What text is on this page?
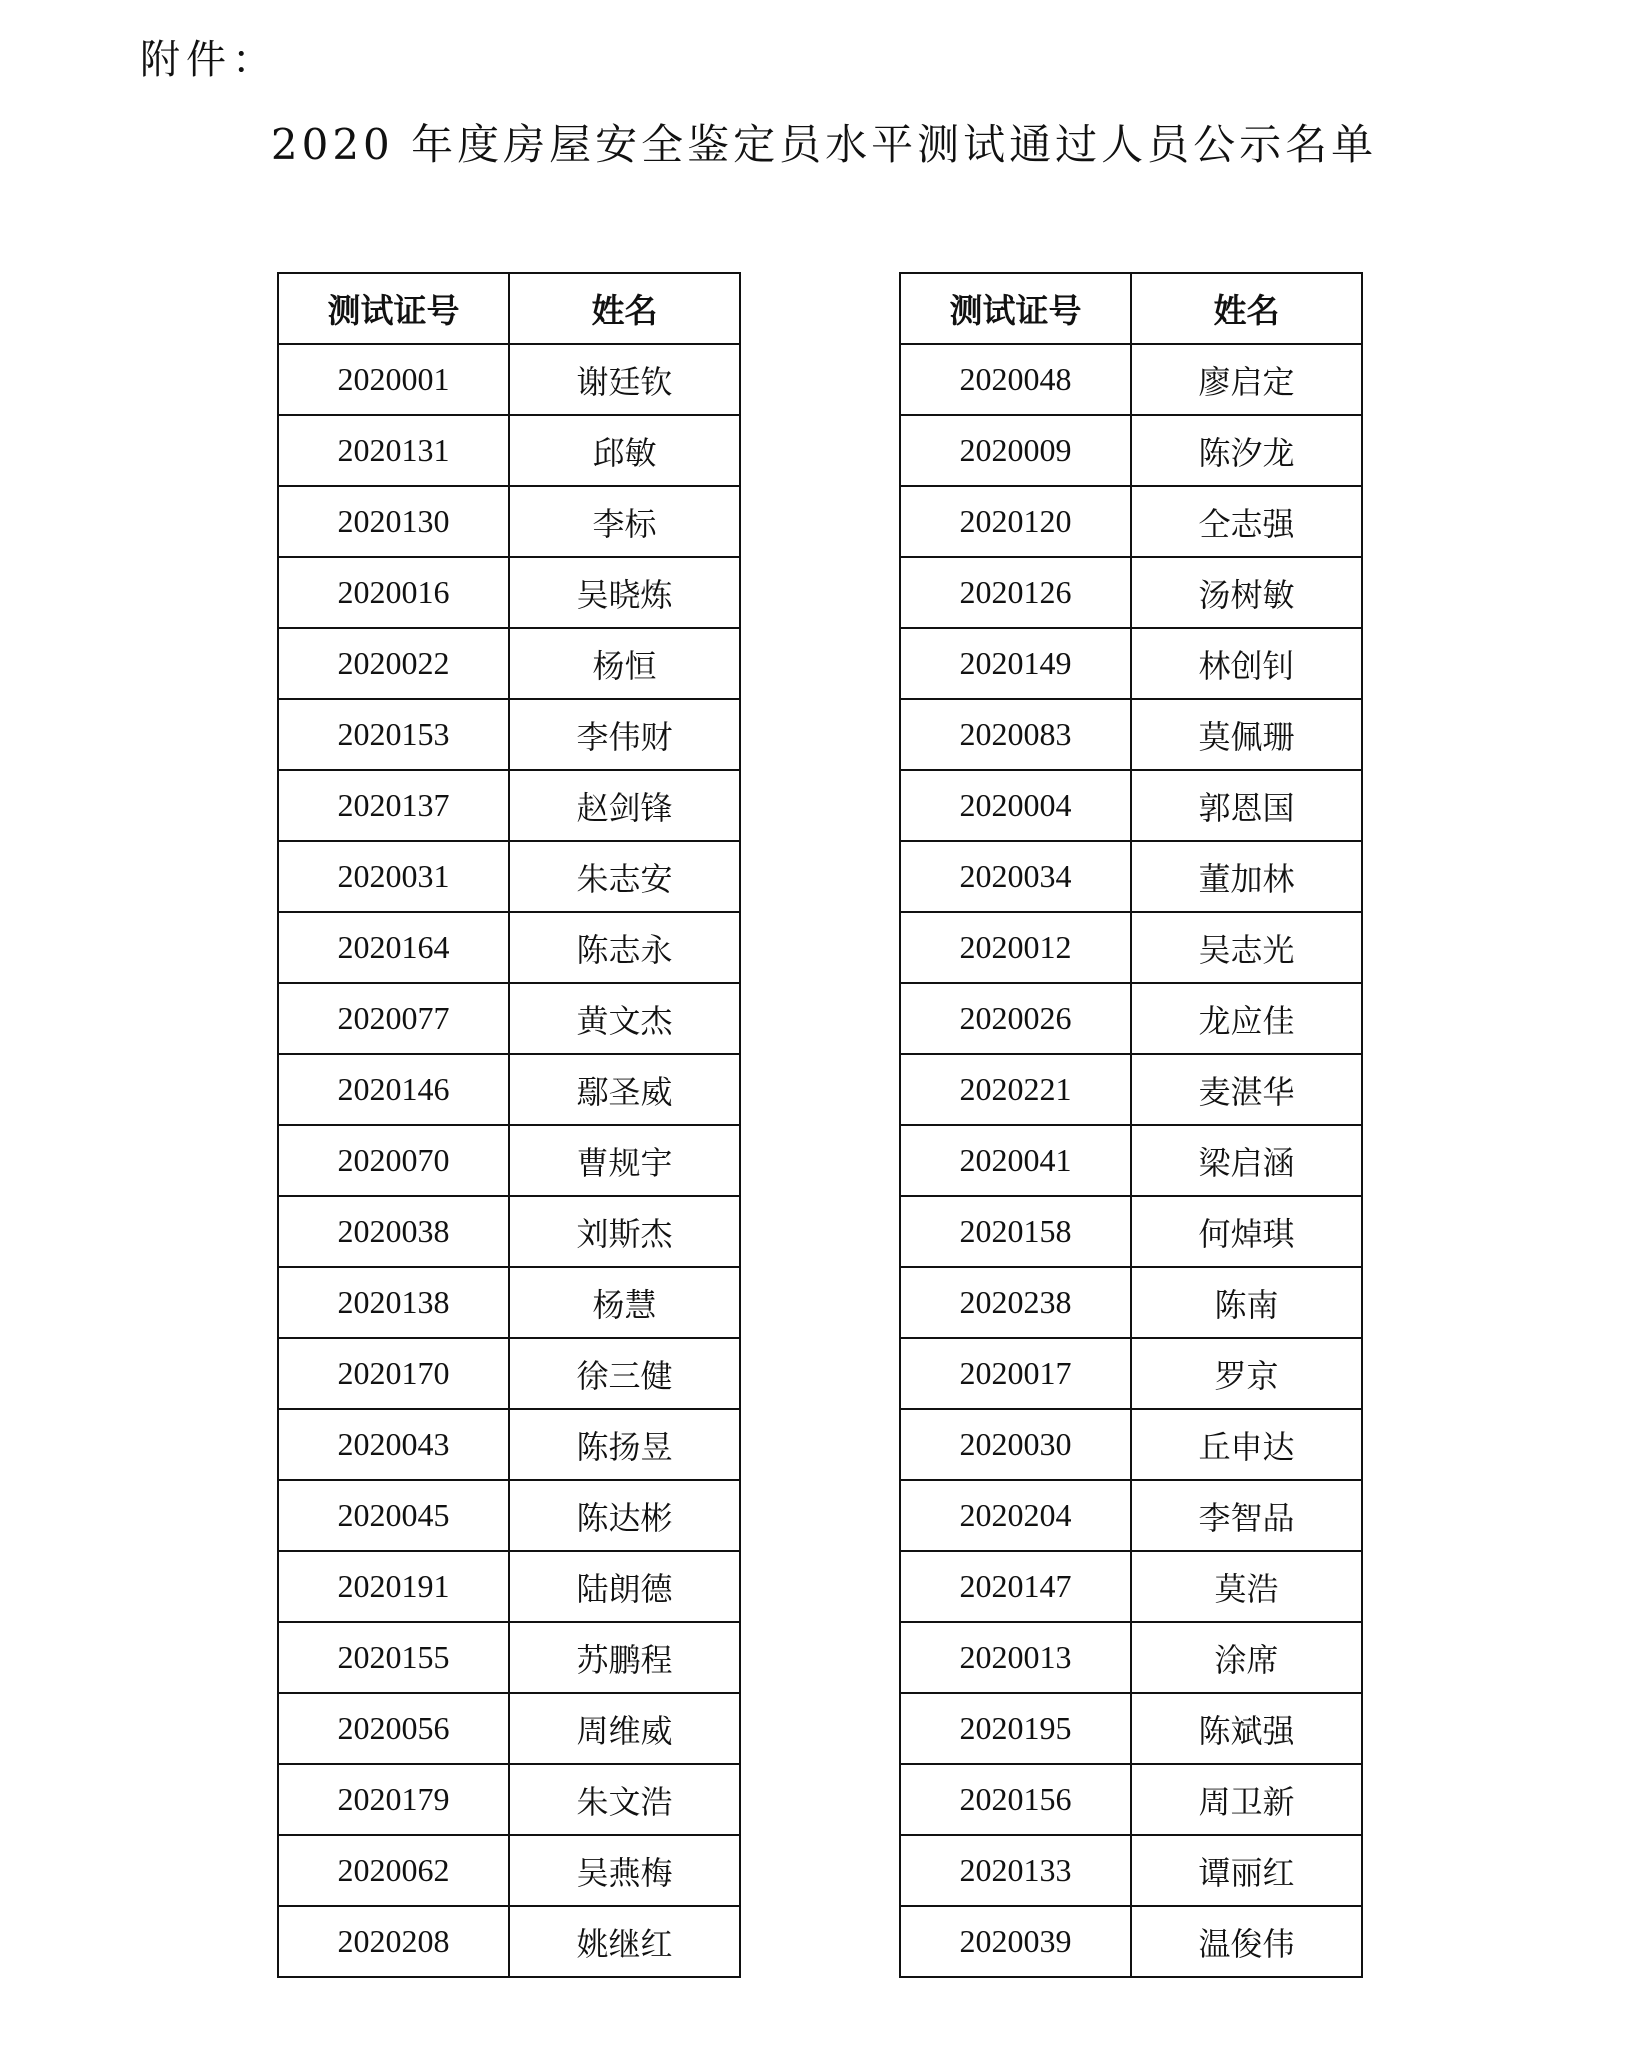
附件：
2020 年度房屋安全鉴定员水平测试通过人员公示名单
测试证号	姓名
2020001	谢廷钦
2020131	邱敏
2020130	李标
2020016	吴晓炼
2020022	杨恒
2020153	李伟财
2020137	赵剑锋
2020031	朱志安
2020164	陈志永
2020077	黄文杰
2020146	鄢圣威
2020070	曹规宇
2020038	刘斯杰
2020138	杨慧
2020170	徐三健
2020043	陈扬昱
2020045	陈达彬
2020191	陆朗德
2020155	苏鹏程
2020056	周维威
2020179	朱文浩
2020062	吴燕梅
2020208	姚继红
测试证号	姓名
2020048	廖启定
2020009	陈汐龙
2020120	仝志强
2020126	汤树敏
2020149	林创钊
2020083	莫佩珊
2020004	郭恩国
2020034	董加林
2020012	吴志光
2020026	龙应佳
2020221	麦湛华
2020041	梁启涵
2020158	何焯琪
2020238	陈南
2020017	罗京
2020030	丘申达
2020204	李智品
2020147	莫浩
2020013	涂席
2020195	陈斌强
2020156	周卫新
2020133	谭丽红
2020039	温俊伟
